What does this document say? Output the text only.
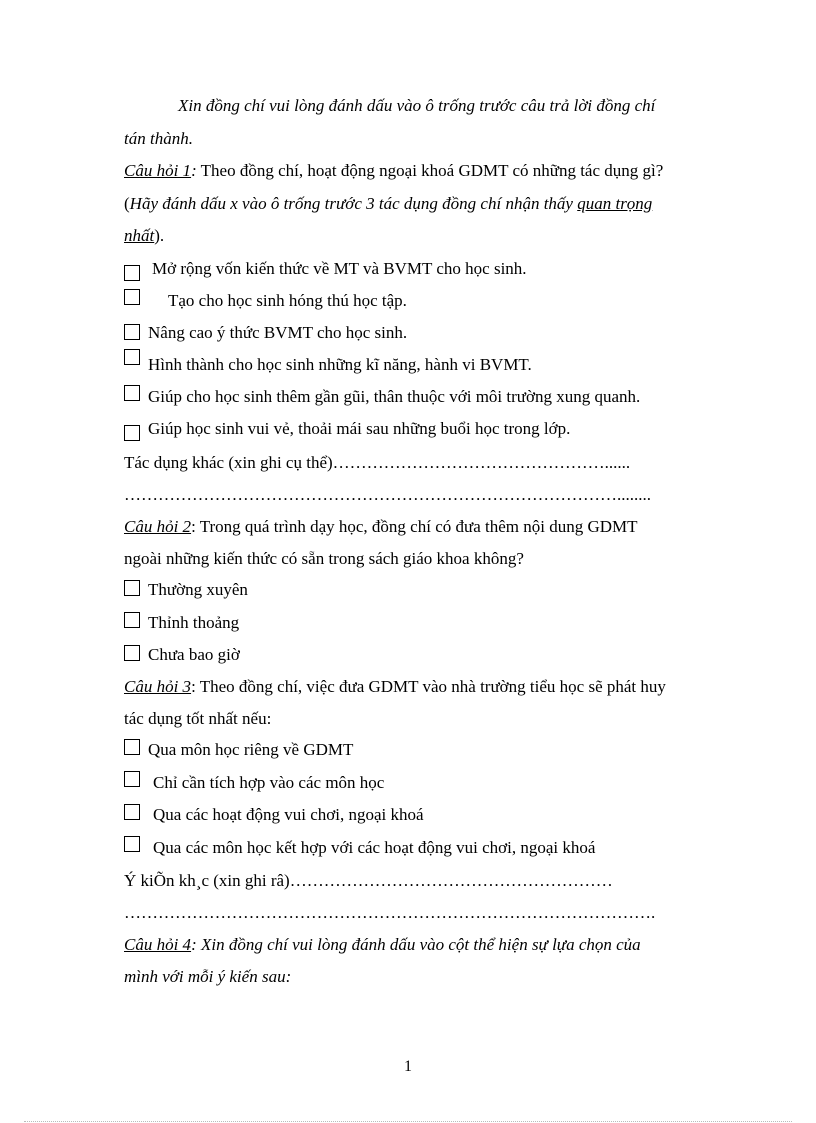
Xin đồng chí vui lòng đánh dấu vào ô trống trước câu trả lời đồng chí
tán thành.
Câu hỏi 1: Theo đồng chí, hoạt động ngoại khoá GDMT có những tác dụng gì?
(Hãy đánh dấu x vào ô trống trước 3 tác dụng đồng chí nhận thấy quan trọng
nhất).
Mở rộng vốn kiến thức về MT và BVMT cho học sinh.
Tạo cho học sinh hóng thú học tập.
Nâng cao ý thức BVMT cho học sinh.
Hình thành cho học sinh những kĩ năng, hành vi BVMT.
Giúp cho học sinh thêm gần gũi, thân thuộc với môi trường xung quanh.
Giúp học sinh vui vẻ, thoải mái sau những buổi học trong lớp.
Tác dụng khác (xin ghi cụ thể)…………………………………………......
……………………………………………………………………………........
Câu hỏi 2: Trong quá trình dạy học, đồng chí có đưa thêm nội dung GDMT
ngoài những kiến thức có sẵn trong sách giáo khoa không?
Thường xuyên
Thỉnh thoảng
Chưa bao giờ
Câu hỏi 3: Theo đồng chí, việc đưa GDMT vào nhà trường tiểu học sẽ phát huy
tác dụng tốt nhất nếu:
Qua môn học riêng về GDMT
Chỉ cần tích hợp vào các môn học
Qua các hoạt động vui chơi, ngoại khoá
Qua các môn học kết hợp với các hoạt động vui chơi, ngoại khoá
Ý kiÕn kh¸c (xin ghi râ)…………………………………………………
………………………………………………………………………………….
Câu hỏi 4: Xin đồng chí vui lòng đánh dấu vào cột thể hiện sự lựa chọn của
mình với mỗi ý kiến sau:
1
